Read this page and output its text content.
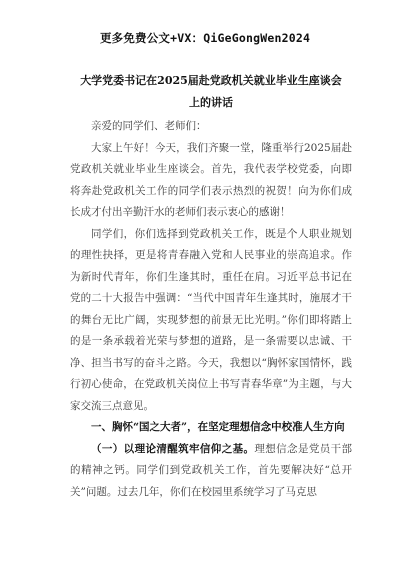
更多免费公文+VX：QiGeGongWen2024
大学党委书记在2025届赴党政机关就业毕业生座谈会上的讲话

亲爱的同学们、老师们：

大家上午好！今天，我们齐聚一堂，隆重举行2025届赴党政机关就业毕业生座谈会。首先，我代表学校党委，向即将奔赴党政机关工作的同学们表示热烈的祝贺！向为你们成长成才付出辛勤汗水的老师们表示衷心的感谢！

同学们，你们选择到党政机关工作，既是个人职业规划的理性抉择，更是将青春融入党和人民事业的崇高追求。作为新时代青年，你们生逢其时，重任在肩。习近平总书记在党的二十大报告中强调：“当代中国青年生逢其时，施展才干的舞台无比广阔，实现梦想的前景无比光明。”你们即将踏上的是一条承载着光荣与梦想的道路，是一条需要以忠诚、干净、担当书写的奋斗之路。今天，我想以“胸怀家国情怀，践行初心使命，在党政机关岗位上书写青春华章”为主题，与大家交流三点意见。

一、胸怀“国之大者”，在坚定理想信念中校准人生方向

（一）以理论清醒筑牢信仰之基。理想信念是党员干部的精神之钙。同学们到党政机关工作，首先要解决好“总开关”问题。过去几年，你们在校园里系统学习了马克思
